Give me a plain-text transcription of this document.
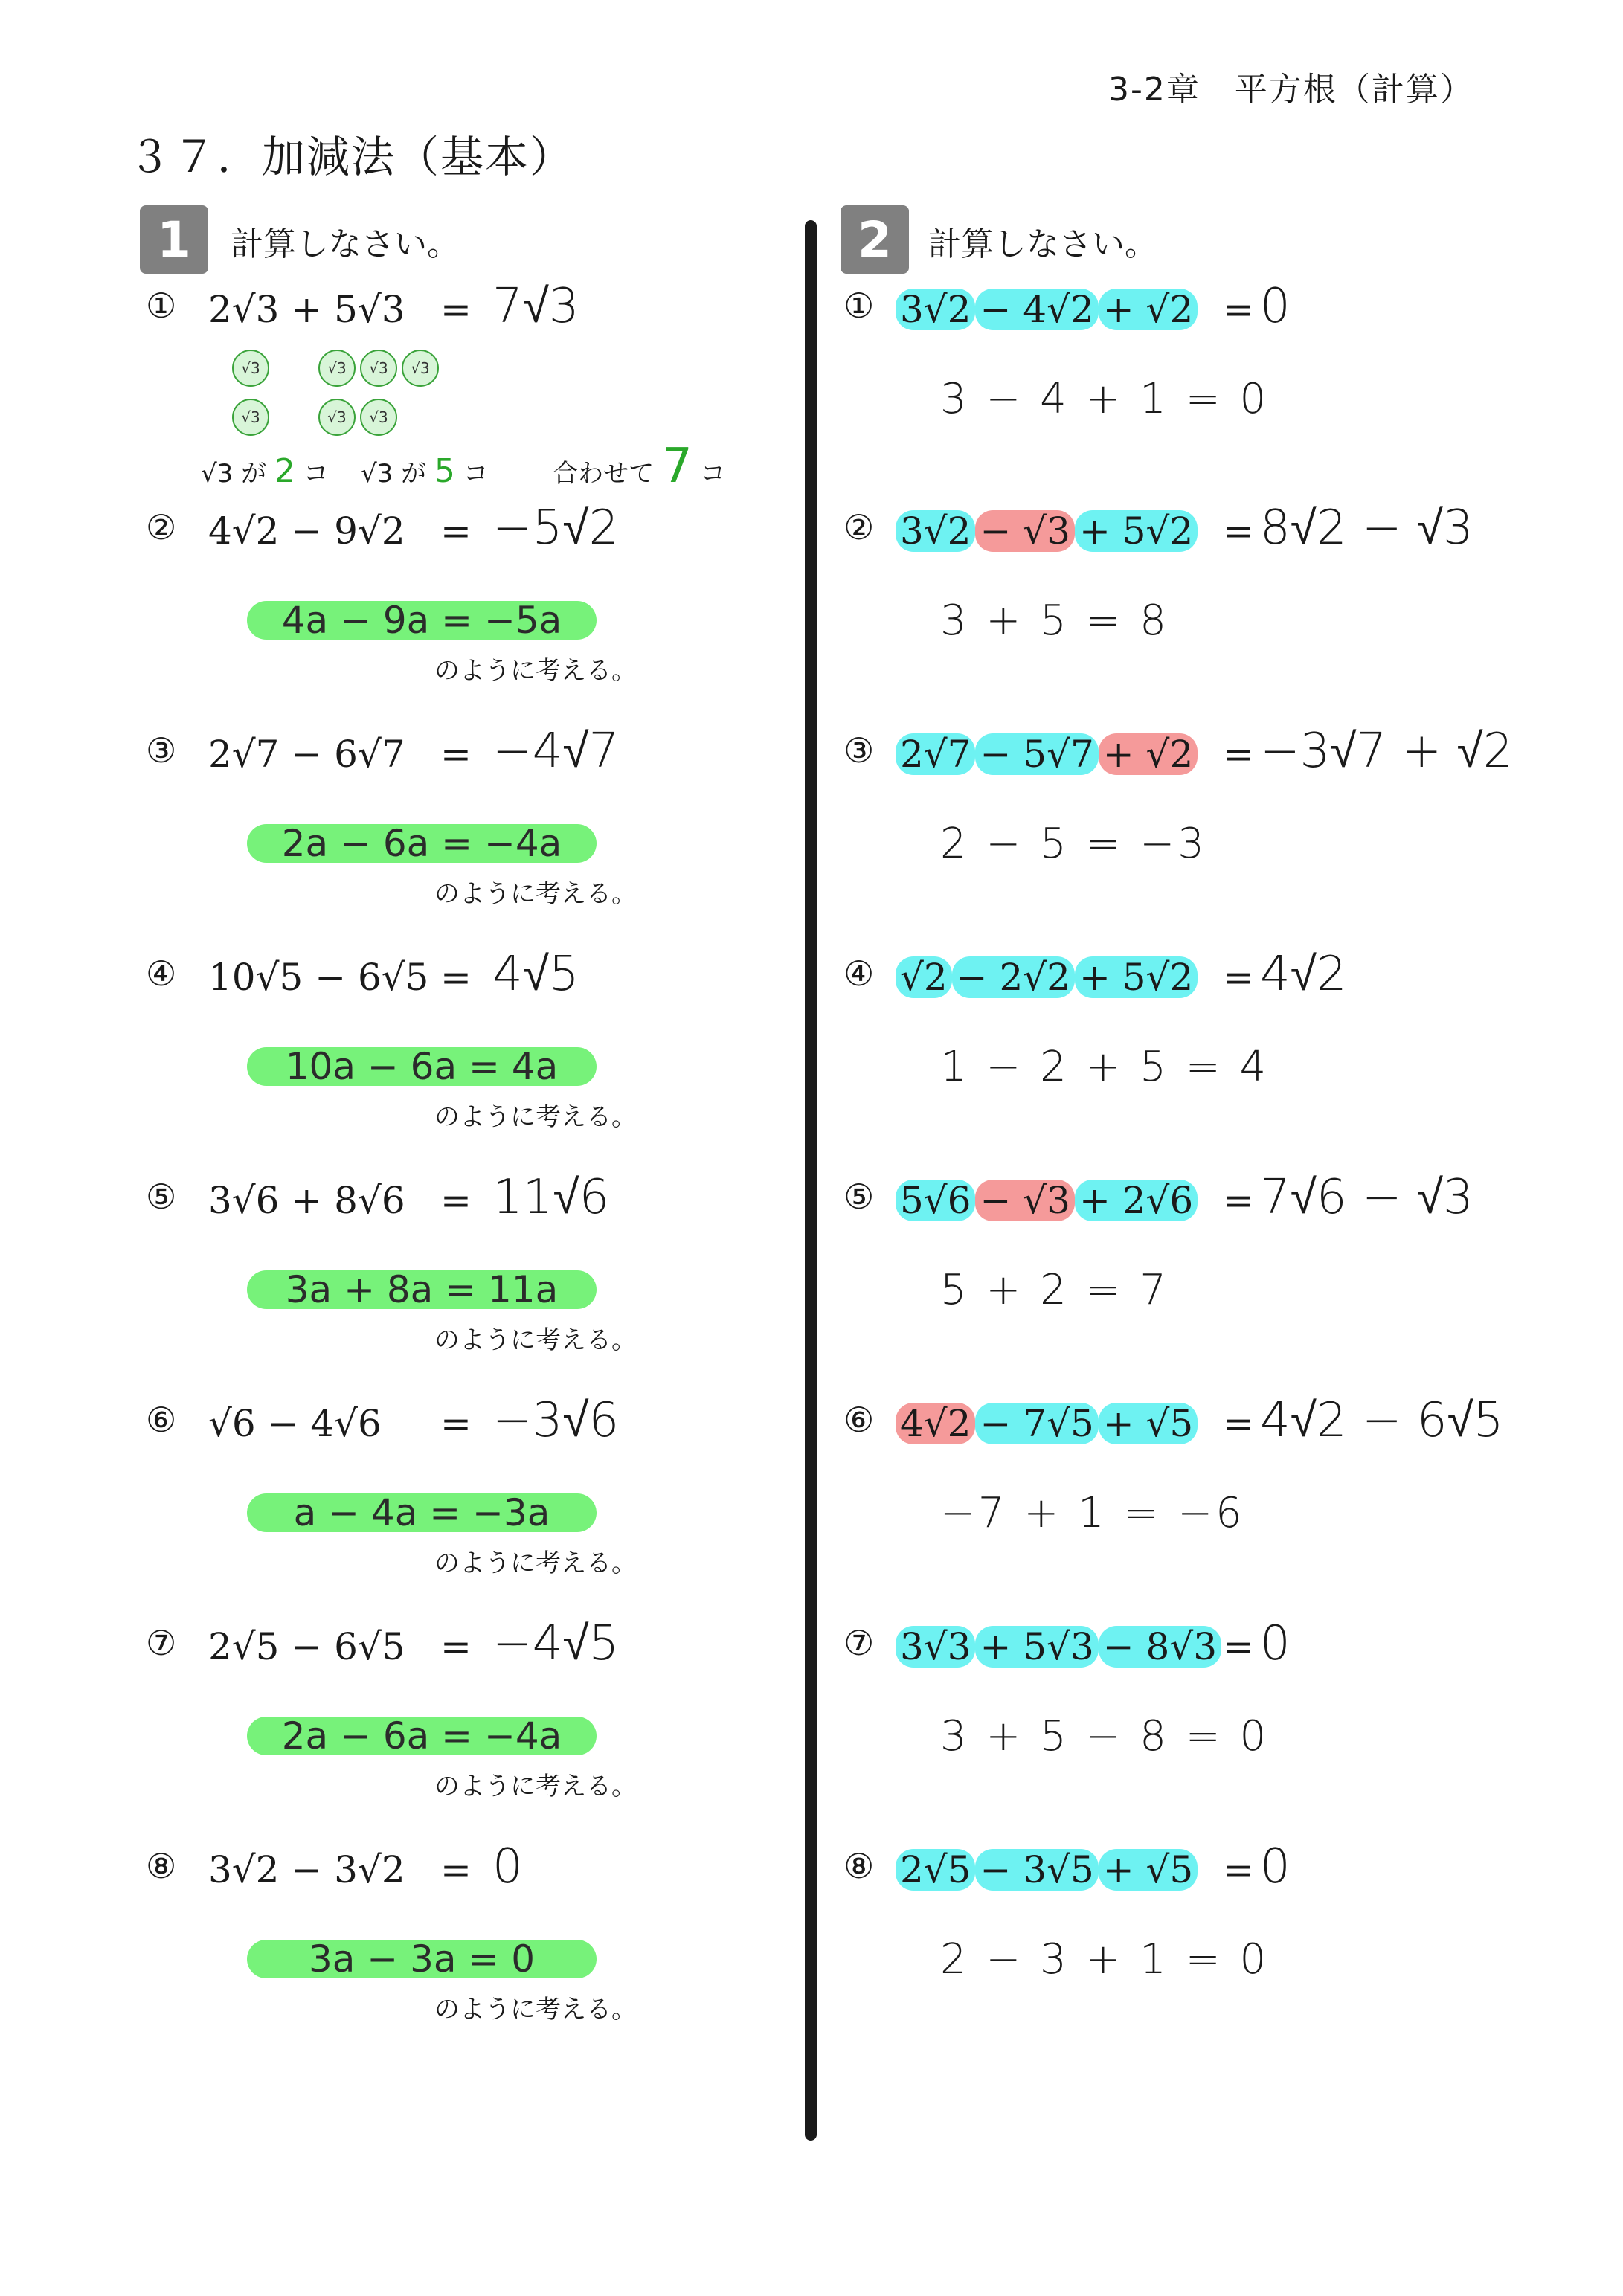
3-2章　平方根（計算）
３７．加減法（基本）
1	計算しなさい。	2	計算しなさい。
① 2√3 + 5√3 = 7√3
② 4√2 − 9√2 = −5√2
4a − 9a = −5a
のように考える。
③ 2√7 − 6√7 = −4√7
2a − 6a = −4a
のように考える。
④ 10√5 − 6√5 = 4√5
10a − 6a = 4a
のように考える。
⑤ 3√6 + 8√6 = 11√6
3a + 8a = 11a
のように考える。
⑥ √6 − 4√6 = −3√6
a − 4a = −3a
のように考える。
⑦ 2√5 − 6√5 = −4√5
2a − 6a = −4a
のように考える。
⑧ 3√2 − 3√2 = 0
3a − 3a = 0
のように考える。
√3	√3 √3 √3
√3	√3 √3
√3 が 2 コ √3 が 5 コ	合わせて 7 コ
① 3√2 − 4√2 + √2 = 0
3 − 4 + 1 = 0
② 3√2 − √3 + 5√2 = 8√2 − √3
3 + 5 = 8
③ 2√7 − 5√7 + √2 = −3√7 + √2
2 − 5 = −3
④ √2 − 2√2 + 5√2 = 4√2
1 − 2 + 5 = 4
⑤ 5√6 − √3 + 2√6 = 7√6 − √3
5 + 2 = 7
⑥ 4√2 − 7√5 + √5 = 4√2 − 6√5
−7 + 1 = −6
⑦ 3√3 + 5√3 − 8√3 = 0
3 + 5 − 8 = 0
⑧ 2√5 − 3√5 + √5 = 0
2 − 3 + 1 = 0
